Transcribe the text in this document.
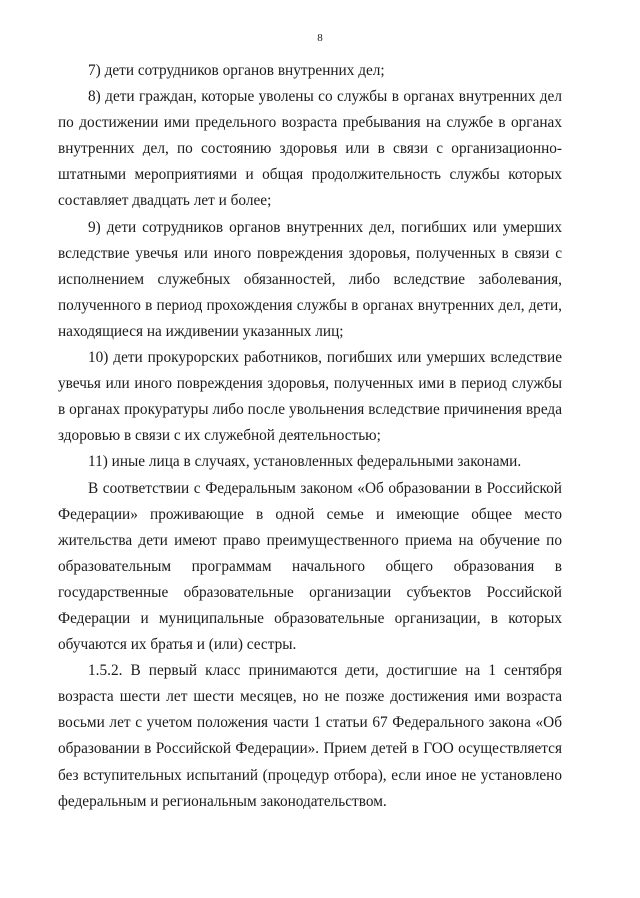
8

7) дети сотрудников органов внутренних дел;

8) дети граждан, которые уволены со службы в органах внутренних дел по достижении ими предельного возраста пребывания на службе в органах внутренних дел, по состоянию здоровья или в связи с организационно-штатными мероприятиями и общая продолжительность службы которых составляет двадцать лет и более;

9) дети сотрудников органов внутренних дел, погибших или умерших вследствие увечья или иного повреждения здоровья, полученных в связи с исполнением служебных обязанностей, либо вследствие заболевания, полученного в период прохождения службы в органах внутренних дел, дети, находящиеся на иждивении указанных лиц;

10) дети прокурорских работников, погибших или умерших вследствие увечья или иного повреждения здоровья, полученных ими в период службы в органах прокуратуры либо после увольнения вследствие причинения вреда здоровью в связи с их служебной деятельностью;

11) иные лица в случаях, установленных федеральными законами.

В соответствии с Федеральным законом «Об образовании в Российской Федерации» проживающие в одной семье и имеющие общее место жительства дети имеют право преимущественного приема на обучение по образовательным программам начального общего образования в государственные образовательные организации субъектов Российской Федерации и муниципальные образовательные организации, в которых обучаются их братья и (или) сестры.

1.5.2. В первый класс принимаются дети, достигшие на 1 сентября возраста шести лет шести месяцев, но не позже достижения ими возраста восьми лет с учетом положения части 1 статьи 67 Федерального закона «Об образовании в Российской Федерации». Прием детей в ГОО осуществляется без вступительных испытаний (процедур отбора), если иное не установлено федеральным и региональным законодательством.
